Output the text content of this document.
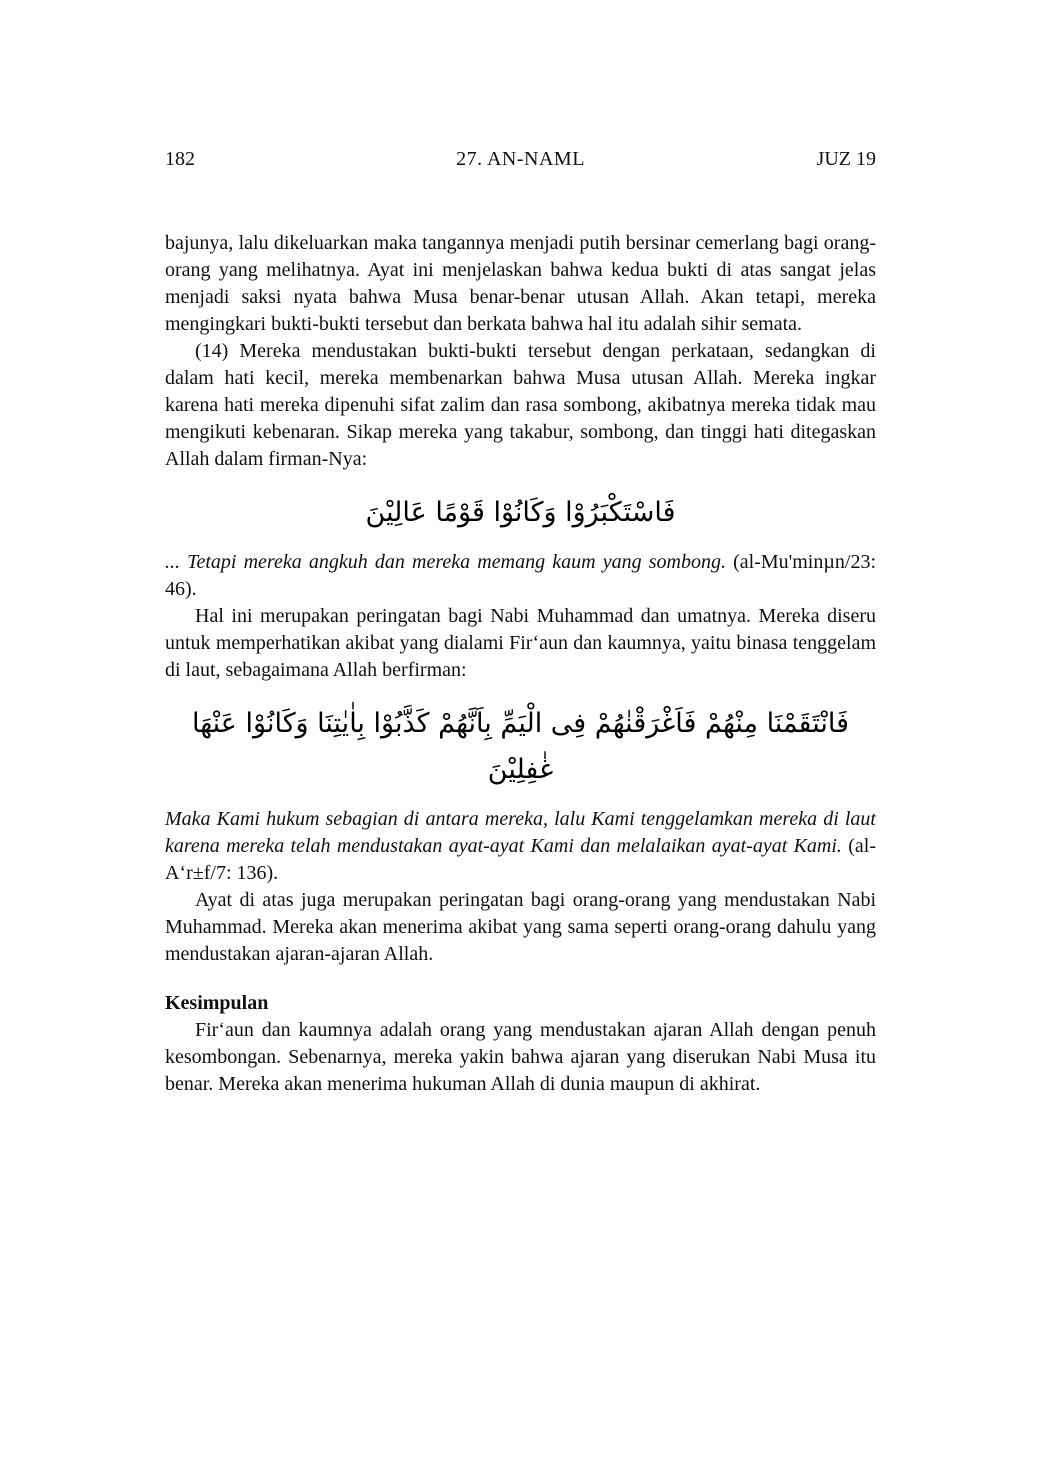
182	27. AN-NAML	JUZ 19

bajunya, lalu dikeluarkan maka tangannya menjadi putih bersinar cemerlang bagi orang-orang yang melihatnya. Ayat ini menjelaskan bahwa kedua bukti di atas sangat jelas menjadi saksi nyata bahwa Musa benar-benar utusan Allah. Akan tetapi, mereka mengingkari bukti-bukti tersebut dan berkata bahwa hal itu adalah sihir semata.

(14) Mereka mendustakan bukti-bukti tersebut dengan perkataan, sedangkan di dalam hati kecil, mereka membenarkan bahwa Musa utusan Allah. Mereka ingkar karena hati mereka dipenuhi sifat zalim dan rasa sombong, akibatnya mereka tidak mau mengikuti kebenaran. Sikap mereka yang takabur, sombong, dan tinggi hati ditegaskan Allah dalam firman-Nya:

فَاسْتَكْبَرُوْا وَكَانُوْا قَوْمًا عَالِيْنَ

... Tetapi mereka angkuh dan mereka memang kaum yang sombong. (al-Mu'minµn/23: 46).

Hal ini merupakan peringatan bagi Nabi Muhammad dan umatnya. Mereka diseru untuk memperhatikan akibat yang dialami Fir‘aun dan kaumnya, yaitu binasa tenggelam di laut, sebagaimana Allah berfirman:

فَانْتَقَمْنَا مِنْهُمْ فَاَغْرَقْنٰهُمْ فِى الْيَمِّ بِاَنَّهُمْ كَذَّبُوْا بِاٰيٰتِنَا وَكَانُوْا عَنْهَا غٰفِلِيْنَ

Maka Kami hukum sebagian di antara mereka, lalu Kami tenggelamkan mereka di laut karena mereka telah mendustakan ayat-ayat Kami dan melalaikan ayat-ayat Kami. (al-A‘r±f/7: 136).

Ayat di atas juga merupakan peringatan bagi orang-orang yang mendustakan Nabi Muhammad. Mereka akan menerima akibat yang sama seperti orang-orang dahulu yang mendustakan ajaran-ajaran Allah.

Kesimpulan

Fir‘aun dan kaumnya adalah orang yang mendustakan ajaran Allah dengan penuh kesombongan. Sebenarnya, mereka yakin bahwa ajaran yang diserukan Nabi Musa itu benar. Mereka akan menerima hukuman Allah di dunia maupun di akhirat.
